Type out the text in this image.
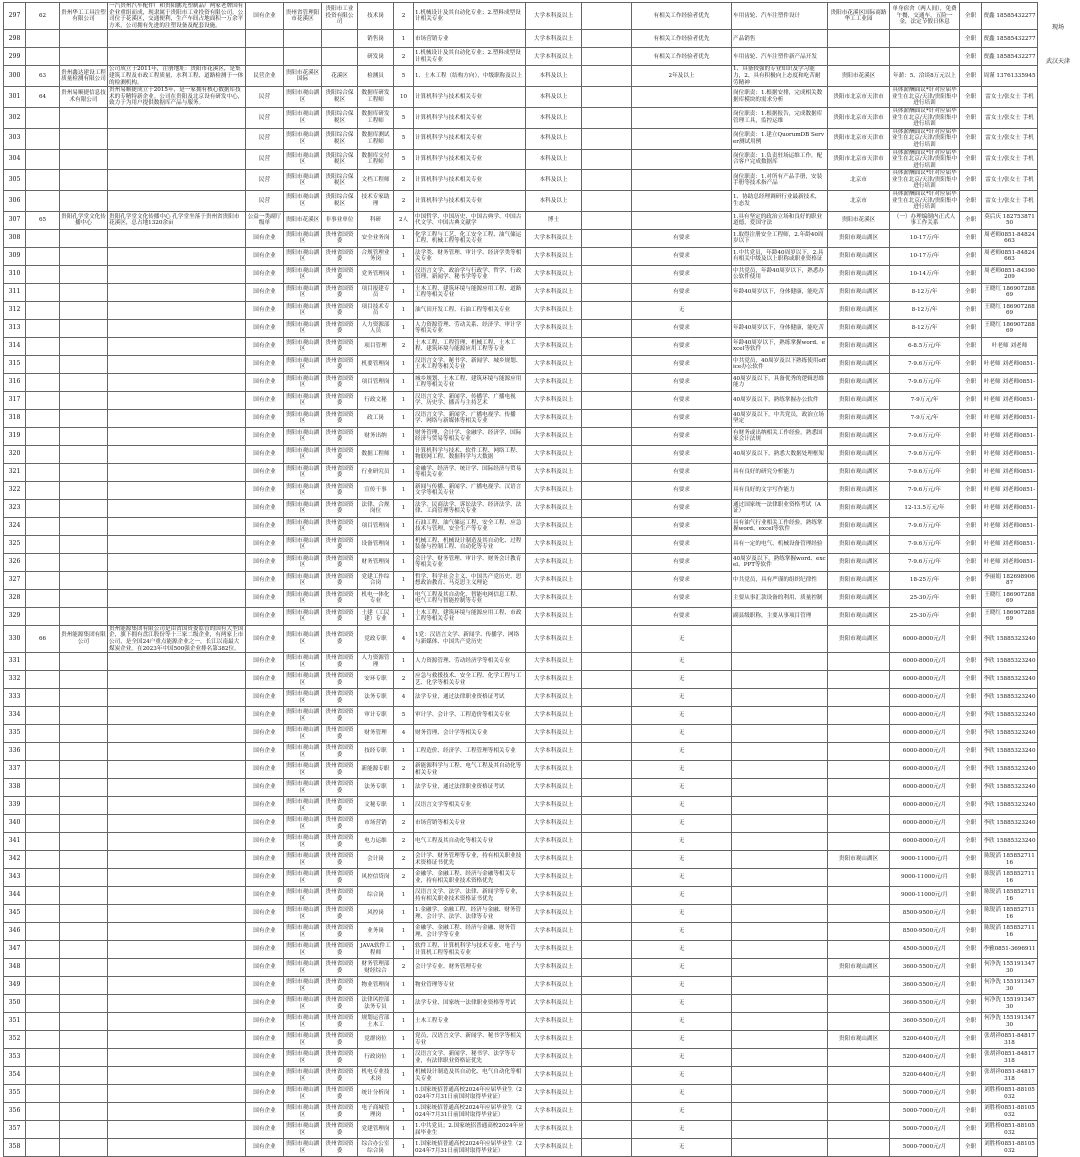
297	62	贵州华工工具注塑有限公司	一汽贵州汽车配件厂和贵阳鹏光塑制品厂两家老牌国有企业重组而成，现隶属于贵阳市工业投资有限公司。公司位于花溪区，交通便利，生产车间占地面积一万余平方米，公司拥有先进的注塑设备及配套设施。	国有企业	贵州省管理阳市花溪区	贵阳市工业投资有限公司	技术岗	2	1.机械设计及其自动化专业；2.塑料成型设计相关专业	大学本科及以上		有相关工作经验者优先	车用齿轮、汽车注塑件设计	贵阳市花溪区国际商路华工工业园	单身宿舍（两人间），免费午餐，交通车，五险一金，法定节假日休息	全职	贾鑫 18585432277
298							销售岗	1	市场营销专业	大学本科及以上		有相关工作经验者优先	产品销售			全职	贾鑫 18585432277
299							研发岗	2	1.机械设计及其自动化专业；2.塑料成型设计相关专业	大学本科及以上		有相关工作经验者优先	车用齿轮、汽车注塑件新产品开发			全职	贾鑫 18585432277
300	63	贵州鑫达建设工程质量检测有限公司	公司成立于2011年，注册地址：贵阳市花溪区，是集建筑工程及市政工程质量、水利工程、道路检测于一体的检测机构。	民营企业	贵阳市花溪区国际	花溪区	检测员	5	1、土木工程（结构方向），中级职称及以上	本科及以上		2年及以上	1、具备较强的专业知识及学习能力，2、具有积极向上态度和吃苦耐劳精神	贵阳市花溪区	年薪：5、洽谈8万元以上	全职	周谨 13761335945
301	64	贵州易顺捷信息技术有限公司	贵州易顺捷成立于2015年，是一家拥有核心数据库技术的专精特新企业。公司在贵阳及北京设有研发中心，致力于为用户提供数据库产品与服务。	民营	贵阳市观山湖区	贵阳综合保税区	数据库研发工程师	10	计算机科学与技术相关专业	本科及以上			岗位职责：1.根据安排，完成相关数据库模块的需求分析	贵阳市北京市天津市	具体薪酬面议*针对应届毕业生在北京/天津/贵阳集中进行培训	全职	雷女士/张女士 手机
302				民营	贵阳市观山湖区	贵阳综合保税区	数据库研发工程师	5	计算机科学与技术相关专业	本科及以上			岗位职责：1.根据报告，完成数据库管理工具，监控运维	贵阳市北京市天津市	具体薪酬面议*针对应届毕业生在北京/天津/贵阳集中进行培训	全职	雷女士/张女士 手机
303				民营	贵阳市观山湖区	贵阳综合保税区	数据库测试工程师	5	计算机科学与技术相关专业	本科及以上			岗位职责：1.建立QuorumDB Server测试用例	贵阳市北京市天津市	具体薪酬面议*针对应届毕业生在北京/天津/贵阳集中进行培训	全职	雷女士/张女士 手机
304				民营	贵阳市观山湖区	贵阳综合保税区	数据库交付工程师	5	计算机科学与技术相关专业	本科及以上			岗位职责：1.负责驻场运维工作，配合客户完成数据库	贵阳市北京市天津市	具体薪酬面议*针对应届毕业生在北京/天津/贵阳集中进行培训	全职	雷女士/张女士 手机
305				民营	贵阳市观山湖区	贵阳综合保税区	文档工程师	2	计算机科学与技术相关专业	本科及以上			岗位职责：1.对所有产品手册，安装手册等技术指产品	北京市	具体薪酬面议*针对应届毕业生在北京/天津/贵阳集中进行培训	全职	雷女士/张女士 手机
306				民营	贵阳市观山湖区	贵阳综合保税区	技术专家助理	2	计算机科学与技术相关专业	本科及以上			1、协助总经理调研行业最新技术，生态发	北京市	具体薪酬面议*针对应届毕业生在北京/天津/贵阳集中进行培训	全职	雷女士/张女士 手机
307	65	贵阳孔学堂文化传播中心	贵阳孔学堂文化传播中心 孔学堂坐落于贵州省贵阳市花溪区，总占地1320余亩	公益一类副厅级单	贵阳市花溪区	非事业单位	科研	2人	中国哲学、中国历史、中国古典学、中国古代文学、中国古典文献学	博士			1.具有坚定的政治立场和良好的职业道德，爱国守法	贵阳市花溪区	（一）办理编制内正式人事工作关系	全职	莫后庆 18275387150
308				国有企业	贵阳市观山湖区	贵州省国资委	安全业务岗	1	化学工程与工艺、化工安全工程、油气储运工程、机械工程等相关专业	大学本科及以上		有要求	1.取得注册安全工程师，2.年龄40周岁以下	贵阳市观山湖区	10-17万/年	全职	周老师0851-84824663
309				国有企业	贵阳市观山湖区	贵州省国资委	合规管理业务岗	1	法学类、财务管理、审计学、经济学类等相关专业	大学本科及以上		有要求	1.中共党员，年龄40周岁以下，2.具有相关中级及以上职称或职业资格证	贵阳市观山湖区	10-17万/年	全职	周老师0851-84824663
310				国有企业	贵阳市观山湖区	贵州省国资委	党务管理岗	1	汉语言文学、政治学与行政学、哲学、行政管理、新闻学、秘书学等专业	大学本科及以上		有要求	中共党员，年龄40周岁以下，熟悉办公软件使用	贵阳市观山湖区	10-14万/年	全职	周老师0851-84390209
311				国有企业	贵阳市观山湖区	贵州省国资委	项目报建专员	1	土木工程、建筑环境与能源应用工程、道路工程等相关专业	大学本科及以上		有要求	年龄40周岁以下，身体健康，能吃苦	贵阳市观山湖区	8-12万/年	全职	王晓红 18690728869
312				国有企业	贵阳市观山湖区	贵州省国资委	项目技术专员	1	油气田开发工程、石油工程等相关专业	大学本科及以上		无		贵阳市观山湖区	8-12万/年	全职	王晓红 18690728869
313				国有企业	贵阳市观山湖区	贵州省国资委	人力资源部人员	1	人力资源管理、劳动关系、经济学、审计学等相关专业	大学本科及以上		有要求	年龄40周岁以下，身体健康，能吃苦	贵阳市观山湖区	8-12万/年	全职	王晓红 18690728869
314				国有企业	贵阳市观山湖区	贵州省国资委	项目管理	2	土木工程、工程管理、机械工程、土木工程、建筑环境与能源应用工程等专业	大学本科及以上		有要求	年龄40周岁以下，熟练掌握word、excel等软件	贵阳市观山湖区	6-8.5万元/年	全职	叶老师 刘老师
315				国有企业	贵阳市观山湖区	贵州省国资委	机要管理岗	1	汉语言文学、秘书学、新闻学、城乡规划、土木工程等相关专业	大学本科及以上		有要求	中共党员，40周岁及以下熟练使用office办公软件	贵阳市观山湖区	7-9.6万元/年	全职	叶老师 刘老师0851-
316				国有企业	贵阳市观山湖区	贵州省国资委	项目管理岗	1	城乡规划、土木工程、建筑环境与能源应用工程等相关专业	大学本科及以上		有要求	40周岁及以下，具备优秀的逻辑思维能力	贵阳市观山湖区	7-9.6万元/年	全职	叶老师 刘老师0851-
317				国有企业	贵阳市观山湖区	贵州省国资委	行政文秘	1	汉语言文学、新闻学、传播学、广播电视学、历史学、播音与主持艺术	大学本科及以上		有要求	40周岁及以下，熟练掌握办公软件	贵阳市观山湖区	7-9万元/年	全职	叶老师 刘老师0851-
318				国有企业	贵阳市观山湖区	贵州省国资委	政工岗	1	汉语言文学、新闻学、广播电视学、传播学、网络与新媒体等相关专业	大学本科及以上		有要求	40周岁及以下，中共党员，政治立场坚定	贵阳市观山湖区	7-9万元/年	全职	叶老师 刘老师0851-
319				国有企业	贵阳市观山湖区	贵州省国资委	财务出纳	1	财务管理、会计学、金融学、经济学、国际经济与贸易等相关专业	大学本科及以上		有要求	有财务或出纳相关工作经验，熟悉国家会计法规	贵阳市观山湖区	7-9.6万元/年	全职	叶老师 刘老师0851-
320				国有企业	贵阳市观山湖区	贵州省国资委	数据工程师	1	计算机科学与技术、软件工程、网络工程、物联网工程、数据科学与大数据	大学本科及以上		有要求	40周岁及以下，熟悉大数据处理框架	贵阳市观山湖区	7-9.6万元/年	全职	叶老师 刘老师0851-
321				国有企业	贵阳市观山湖区	贵州省国资委	行业研究员	1	金融学、经济学、统计学、国际经济与贸易等相关专业	大学本科及以上		有要求	具有良好的研究分析能力	贵阳市观山湖区	7-9.6万元/年	全职	叶老师 刘老师0851-
322				国有企业	贵阳市观山湖区	贵州省国资委	宣传干事	1	新闻与传播、新闻学、广播电视学、汉语言文学等相关专业	大学本科及以上		有要求	具有良好的文字写作能力	贵阳市观山湖区	7-9.6万元/年	全职	叶老师 刘老师0851-
323				国有企业	贵阳市观山湖区	贵州省国资委	法律、合规岗位	1	法学、民商法学、诉讼法学、经济法学、法律、工商管理等相关专业	大学本科及以上		有要求	通过国家统一法律职业资格考试（A证）	贵阳市观山湖区	12-13.5万元/年	全职	叶老师 刘老师0851-
324				国有企业	贵阳市观山湖区	贵州省国资委	项目管理岗	1	石油工程、油气储运工程、安全工程、应急技术与管理、安全生产等专业	大学本科及以上		有要求	具有油气行业相关工作经验，熟练掌握word、excel等软件	贵阳市观山湖区	7-9.6万元/年	全职	叶老师 刘老师0851-
325				国有企业	贵阳市观山湖区	贵州省国资委	设备管理岗	1	机械工程、机械设计制造及其自动化、过程装备与控制工程、自动化等专业	大学本科及以上		有要求	具有一定的电气、机械设备管理经验	贵阳市观山湖区	7-9.6万元/年	全职	叶老师 刘老师0851-
326				国有企业	贵阳市观山湖区	贵州省国资委	财务管理岗	1	会计学、财务管理、审计学、财务会计教育等相关专业	大学本科及以上		有要求	40周岁及以下，熟练掌握word、excel、PPT等软件	贵阳市观山湖区	7-9.6万元/年	全职	叶老师 刘老师0851-
327				国有企业	贵阳市观山湖区	贵州省国资委	党建工作综合岗	1	哲学、科学社会主义、中国共产党历史、思想政治教育、马克思主义理论	大学本科及以上		有要求	中共党员，具有严谨的组织纪律性	贵阳市观山湖区	18-25万/年	全职	李丽娟 18269890687
328				国有企业	贵阳市观山湖区	贵州省国资委	机电一体化专业	1	电气工程及其自动化、智能电网信息工程、电气工程与智能控制等专业	大学本科及以上		有要求	主要从事汇款设备的利用、质量控制	贵阳市观山湖区	25-30万/年	全职	王晓红 18690728869
329				国有企业	贵阳市观山湖区	贵州省国资委	土建（工民建）专业	1	土木工程、建筑环境与能源应用工程、市政工程等相关专业	大学本科及以上		有要求	副县级职称，主要从事项目管理	贵阳市观山湖区	25-30万/年	全职	王晓红 18690728869
330	66	贵州能源集团有限公司	贵州能源集团有限公司是由省国资委监管的国有大型国企，旗下拥有盘江股份等十三家二级企业，有两家上市公司，是全国24户重点能源企业之一，长江以南最大煤炭企业。在2023年中国500强企业排名第382位。	国有企业	贵阳市观山湖区	贵州省国资委	党政专职	4	1党：汉语言文学、新闻学、传播学、网络与新媒体、中国共产党历史	大学本科及以上		无		贵阳市观山湖区	6000-8000元/月	全职	李欣 15885323240
331				国有企业	贵阳市观山湖区	贵州省国资委	人力资源管理	1	人力资源管理、劳动经济学等相关专业	大学本科及以上		无			6000-8000元/月	全职	李欣 15885323240
332				国有企业	贵阳市观山湖区	贵州省国资委	安环专职	2	应急与救援技术、安全工程、化学工程与工艺、化学等相关专业	大学本科及以上		无			6000-8000元/月	全职	李欣 15885323240
333				国有企业	贵阳市观山湖区	贵州省国资委	法务专职	4	法学专业，通过法律职业资格证考试	大学本科及以上		无			6000-8000元/月	全职	李欣 15885323240
334				国有企业	贵阳市观山湖区	贵州省国资委	审计专职	5	审计学、会计学、工程造价等相关专业	大学本科及以上		无			6000-8000元/月	全职	李欣 15885323240
335				国有企业	贵阳市观山湖区	贵州省国资委	财务管理	4	财务管理、会计学等相关专业	大学本科及以上		无			6000-8000元/月	全职	李欣 15885323240
336				国有企业	贵阳市观山湖区	贵州省国资委	技经专职	1	工程造价、经济学、工程管理等相关专业	大学本科及以上		无			6000-8000元/月	全职	李欣 15885323240
337				国有企业	贵阳市观山湖区	贵州省国资委	新能源专职	2	新能源科学与工程、电气工程及其自动化等相关专业	大学本科及以上		无			6000-8000元/月	全职	李欣 15885323240
338				国有企业	贵阳市观山湖区	贵州省国资委	法务专职	1	法学专业，通过法律职业资格证考试	大学本科及以上		无			6000-8000元/月	全职	李欣 15885323240
339				国有企业	贵阳市观山湖区	贵州省国资委	文秘专职	1	汉语言文学等相关专业	大学本科及以上		无			6000-8000元/月	全职	李欣 15885323240
340				国有企业	贵阳市观山湖区	贵州省国资委	市场营销	2	市场营销等相关专业	大学本科及以上		无			6000-8000元/月	全职	李欣 15885323240
341				国有企业	贵阳市观山湖区	贵州省国资委	电力运维	2	电气工程及其自动化等相关专业	大学本科及以上		无			6000-8000元/月	全职	李欣 15885323240
342				国有企业	贵阳市观山湖区	贵州省国资委	会计岗	2	会计学、财务管理等专业，持有相关职业技术资格证书优先	大学本科及以上		无		贵阳市观山湖区	9000-11000元/月	全职	陈锐滔 18585271116
343				国有企业	贵阳市观山湖区	贵州省国资委	风控信贷岗	2	金融学、金融工程、经济与金融等相关专业，持有相关职业技术资格优先	大学本科及以上		无			9000-11000元/月	全职	陈锐滔 18585271116
344				国有企业	贵阳市观山湖区	贵州省国资委	综合岗	1	汉语言文学、法学、法律、新闻学等专业，持有相关职业技术资格证书优先	大学本科及以上		无			9000-11000元/月	全职	陈锐滔 18585271116
345				国有企业	贵阳市观山湖区	贵州省国资委	风控岗	1	1.金融学、金融工程、经济与金融、财务管理、会计学、法学、法律等专业	大学本科及以上		无			8500-9500元/月	全职	陈锐滔 18585271116
346				国有企业	贵阳市观山湖区	贵州省国资委	业务岗	1	金融学、金融工程、经济与金融、财务管理、会计学等专业	大学本科及以上		无			8500-9500元/月	全职	陈锐滔 18585271116
347				国有企业	贵阳市观山湖区	贵州省国资委	JAVA软件工程师	1	软件工程、计算机科学与技术专业、电子与计算机工程等相关专业	大学本科及以上		无			4500-5000元/月	全职	李雅0851-3696911
348				国有企业	贵阳市观山湖区	贵州省国资委	财务管理部财经综合	2	会计学专业、财务管理专业	大学本科及以上		无		贵阳市观山湖区	3600-5500元/月	全职	何净洗 15519134730
349				国有企业	贵阳市观山湖区	贵州省国资委	物业管理岗	1	物业管理等专业	大学本科及以上		无			3600-5500元/月	全职	何净洗 15519134730
350				国有企业	贵阳市观山湖区	贵州省国资委	法律风控部法务专员	1	法学专业、国家统一法律职业资格等考试	大学本科及以上		无			3600-5500元/月	全职	何净洗 15519134730
351				国有企业	贵阳市观山湖区	贵州省国资委	规划运营部土木工	1	土木工程专业	大学本科及以上		无			3600-5500元/月	全职	何净洗 15519134730
352				国有企业	贵阳市观山湖区	贵州省国资委	党群岗位	1	党员，汉语言文学、新闻学、秘书学等相关专业	大学本科及以上		无		贵阳市观山湖区	5200-6400元/月	全职	张胡祥0851-84817318
353				国有企业	贵阳市观山湖区	贵州省国资委	行政岗位	1	汉语言文学、新闻学、秘书学、法学等专业，有法律职业资格证优先	大学本科及以上		无			5200-6400元/月	全职	张胡祥0851-84817318
354				国有企业	贵阳市观山湖区	贵州省国资委	机电专业技术岗	1	机械设计制造及其自动化、电气自动化等相关专业	大学本科及以上		无			5200-6400元/月	全职	张胡祥0851-84817318
355				国有企业	贵阳市观山湖区	贵州省国资委	统计分析岗	1	1.国家统招普通高校2024年应届毕业生（2024年7月31日前国时取得毕业证）	大学本科及以上		无			5000-7000元/月	全职	刘胜桥0851-88105032
356				国有企业	贵阳市观山湖区	贵州省国资委	电子商城管理岗	1	1.国家统招普通高校2024年应届毕业生（2024年7月31日前国时取得毕业证）	大学本科及以上		无			5000-7000元/月	全职	刘胜桥0851-88105032
357				国有企业	贵阳市观山湖区	贵州省国资委	党建管理岗	1	1.中共党员；2.国家统招普通高校2024年应届毕业生	大学本科及以上		无			5000-7000元/月	全职	刘胜桥0851-88105032
358				国有企业	贵阳市观山湖区	贵州省国资委	综合办公室综合岗	1	1.国家统招普通高校2024年应届毕业生（2024年7月31日前国时取得毕业证）	大学本科及以上		无			5000-7000元/月	全职	刘胜桥0851-88105032
现场
武汉天津
